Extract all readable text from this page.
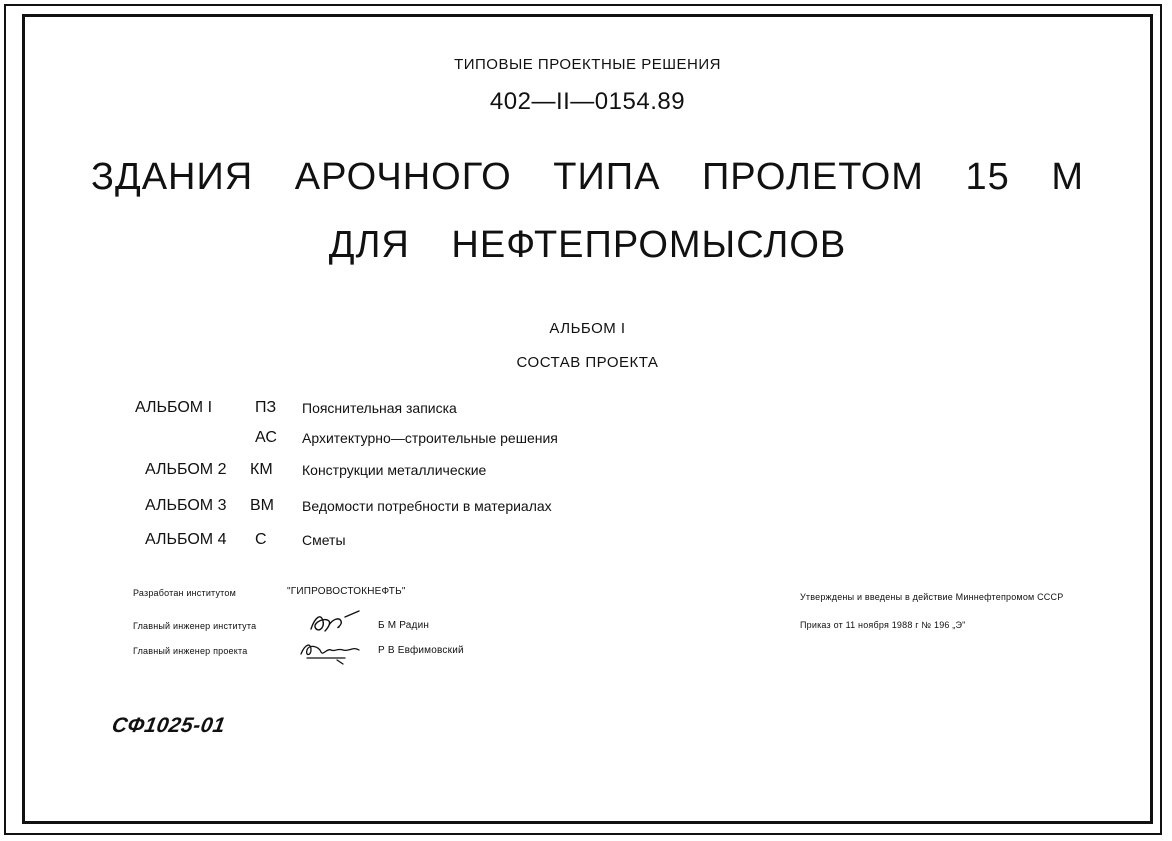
ТИПОВЫЕ ПРОЕКТНЫЕ РЕШЕНИЯ
402—II—0154.89
ЗДАНИЯ АРОЧНОГО ТИПА ПРОЛЕТОМ 15 М
ДЛЯ НЕФТЕПРОМЫСЛОВ
АЛЬБОМ I
СОСТАВ ПРОЕКТА
АЛЬБОМ I	ПЗ Пояснительная записка
АС Архитектурно—строительные решения
АЛЬБОМ 2	КМ Конструкции металлические
АЛЬБОМ 3	ВМ Ведомости потребности в материалах
АЛЬБОМ 4	С	Сметы
Разработан институтом	"ГИПРОВОСТОКНЕФТЬ"
Главный инженер института	Б М Радин
Главный инженер проекта	Р В Евфимовский
Утверждены и введены в действие Миннефтепромом СССР
Приказ от 11 ноября 1988 г № 196 „Э"
СФ1025-01
